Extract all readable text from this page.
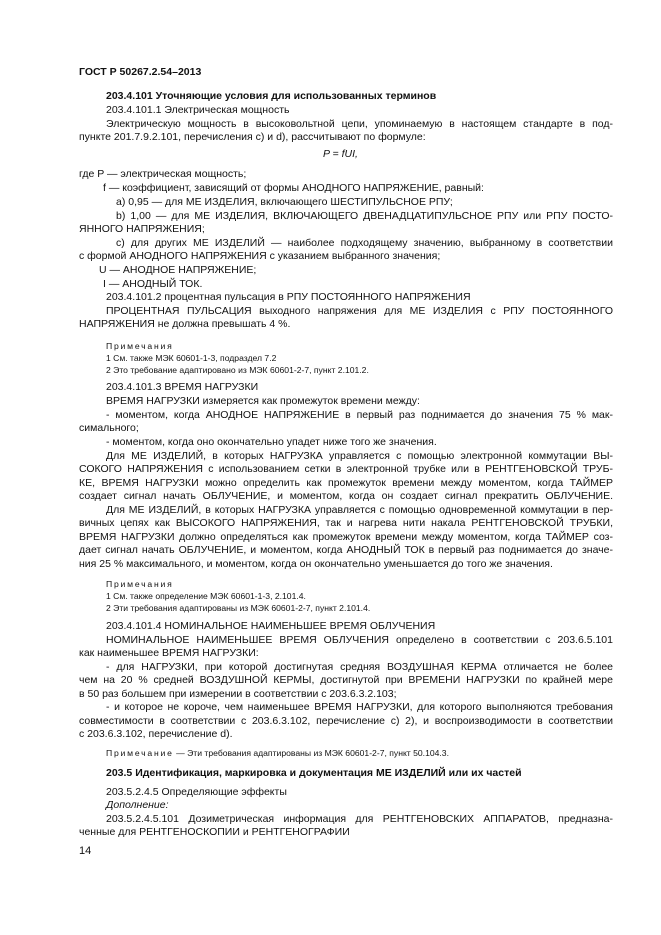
ГОСТ Р 50267.2.54–2013
203.4.101 Уточняющие условия для использованных терминов
203.4.101.1 Электрическая мощность
Электрическую мощность в высоковольтной цепи, упоминаемую в настоящем стандарте в под-
пункте 201.7.9.2.101, перечисления с) и d), рассчитывают по формуле:
P = fUI,
где P — электрическая мощность;
f — коэффициент, зависящий от формы АНОДНОГО НАПРЯЖЕНИЕ, равный:
а) 0,95 — для МЕ ИЗДЕЛИЯ, включающего ШЕСТИПУЛЬСНОЕ РПУ;
b) 1,00 — для МЕ ИЗДЕЛИЯ, ВКЛЮЧАЮЩЕГО ДВЕНАДЦАТИПУЛЬСНОЕ РПУ или РПУ ПОСТО-
ЯННОГО НАПРЯЖЕНИЯ;
с) для других МЕ ИЗДЕЛИЙ — наиболее подходящему значению, выбранному в соответствии
с формой АНОДНОГО НАПРЯЖЕНИЯ с указанием выбранного значения;
U — АНОДНОЕ НАПРЯЖЕНИЕ;
I — АНОДНЫЙ ТОК.
203.4.101.2 процентная пульсация в РПУ ПОСТОЯННОГО НАПРЯЖЕНИЯ
ПРОЦЕНТНАЯ ПУЛЬСАЦИЯ выходного напряжения для МЕ ИЗДЕЛИЯ с РПУ ПОСТОЯННОГО
НАПРЯЖЕНИЯ не должна превышать 4 %.
Примечания
1 См. также МЭК 60601-1-3, подраздел 7.2
2 Это требование адаптировано из МЭК 60601-2-7, пункт 2.101.2.
203.4.101.3 ВРЕМЯ НАГРУЗКИ
ВРЕМЯ НАГРУЗКИ измеряется как промежуток времени между:
- моментом, когда АНОДНОЕ НАПРЯЖЕНИЕ в первый раз поднимается до значения 75 % мак-
симального;
- моментом, когда оно окончательно упадет ниже того же значения.
Для МЕ ИЗДЕЛИЙ, в которых НАГРУЗКА управляется с помощью электронной коммутации ВЫ-
СОКОГО НАПРЯЖЕНИЯ с использованием сетки в электронной трубке или в РЕНТГЕНОВСКОЙ ТРУБ-
КЕ, ВРЕМЯ НАГРУЗКИ можно определить как промежуток времени между моментом, когда ТАЙМЕР
создает сигнал начать ОБЛУЧЕНИЕ, и моментом, когда он создает сигнал прекратить ОБЛУЧЕНИЕ.
Для МЕ ИЗДЕЛИЙ, в которых НАГРУЗКА управляется с помощью одновременной коммутации в пер-
вичных цепях как ВЫСОКОГО НАПРЯЖЕНИЯ, так и нагрева нити накала РЕНТГЕНОВСКОЙ ТРУБКИ,
ВРЕМЯ НАГРУЗКИ должно определяться как промежуток времени между моментом, когда ТАЙМЕР соз-
дает сигнал начать ОБЛУЧЕНИЕ, и моментом, когда АНОДНЫЙ ТОК в первый раз поднимается до значе-
ния 25 % максимального, и моментом, когда он окончательно уменьшается до того же значения.
Примечания
1 См. также определение МЭК 60601-1-3, 2.101.4.
2 Эти требования адаптированы из МЭК 60601-2-7, пункт 2.101.4.
203.4.101.4 НОМИНАЛЬНОЕ НАИМЕНЬШЕЕ ВРЕМЯ ОБЛУЧЕНИЯ
НОМИНАЛЬНОЕ НАИМЕНЬШЕЕ ВРЕМЯ ОБЛУЧЕНИЯ определено в соответствии с 203.6.5.101
как наименьшее ВРЕМЯ НАГРУЗКИ:
- для НАГРУЗКИ, при которой достигнутая средняя ВОЗДУШНАЯ КЕРМА отличается не более
чем на 20 % средней ВОЗДУШНОЙ КЕРМЫ, достигнутой при ВРЕМЕНИ НАГРУЗКИ по крайней мере
в 50 раз большем при измерении в соответствии с 203.6.3.2.103;
- и которое не короче, чем наименьшее ВРЕМЯ НАГРУЗКИ, для которого выполняются требования
совместимости в соответствии с 203.6.3.102, перечисление с) 2), и воспроизводимости в соответствии
с 203.6.3.102, перечисление d).
Примечание — Эти требования адаптированы из МЭК 60601-2-7, пункт 50.104.3.
203.5 Идентификация, маркировка и документация МЕ ИЗДЕЛИЙ или их частей
203.5.2.4.5 Определяющие эффекты
Дополнение:
203.5.2.4.5.101 Дозиметрическая информация для РЕНТГЕНОВСКИХ АППАРАТОВ, предназна-
ченные для РЕНТГЕНОСКОПИИ и РЕНТГЕНОГРАФИИ
14
